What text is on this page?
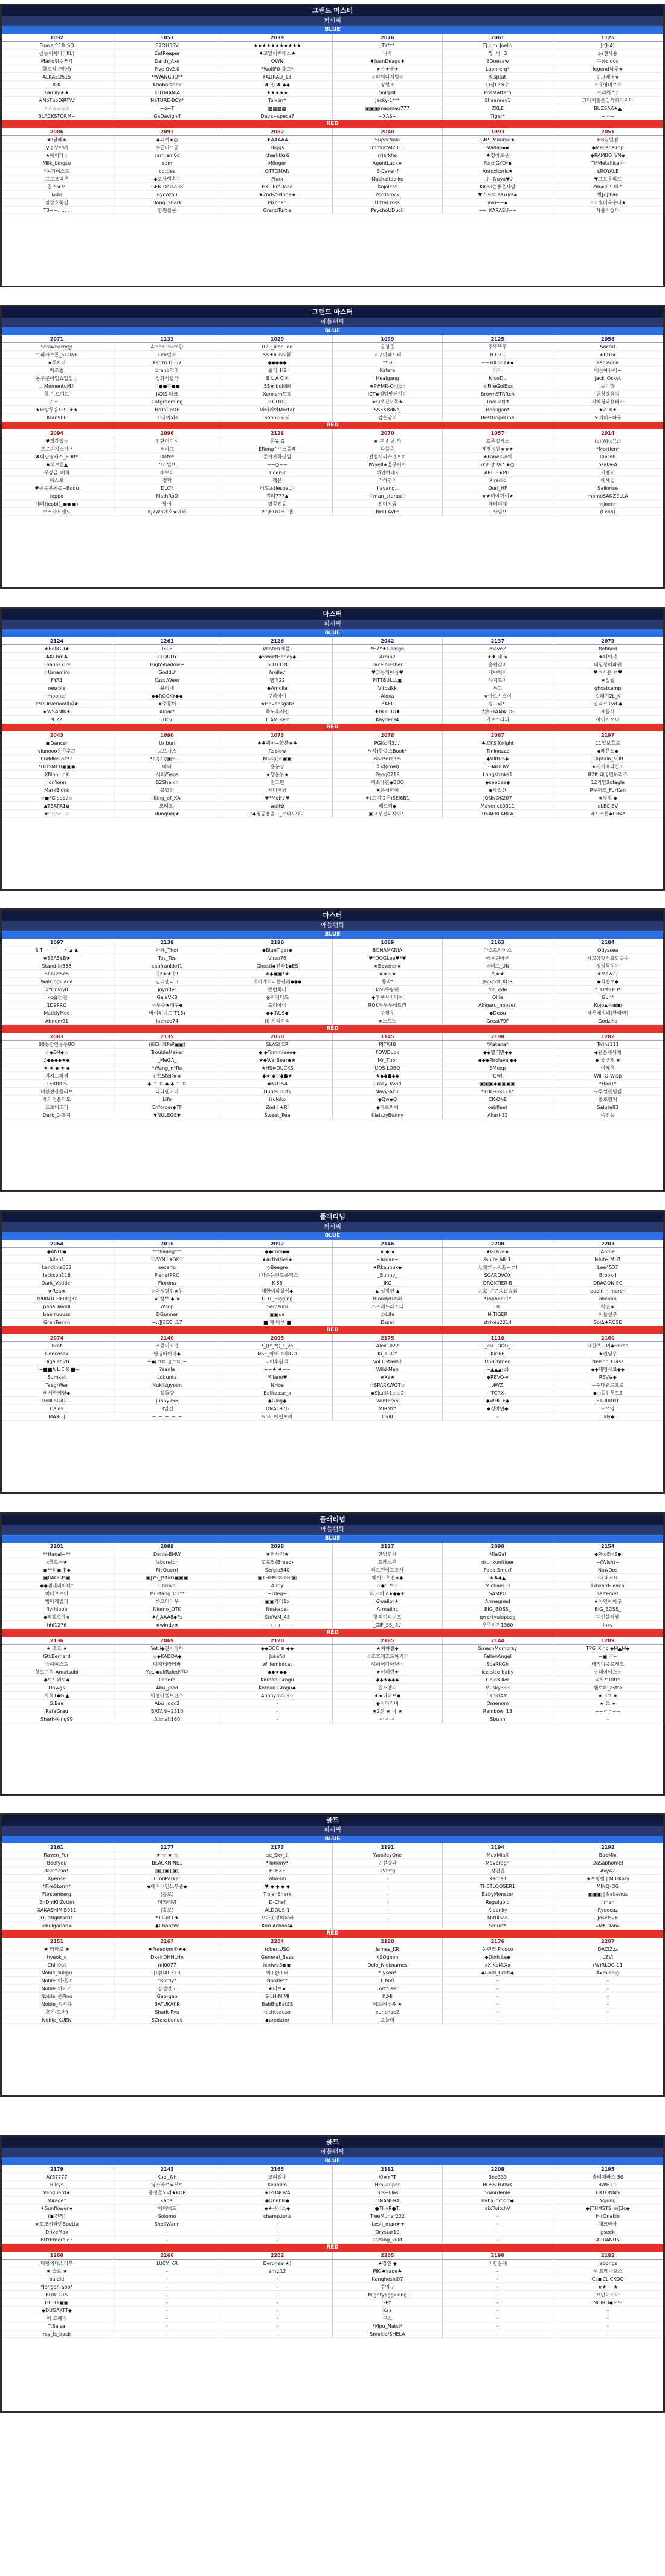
그랜드 마스터
퍼시픽
BLUE
1032	1053	2039	2076	2061	1125
Flower110_SO	37OH5SV	★★★★★★★★★★★	JTY***	Cj.cjm_Joel☆	Jr(H4)
곰돌이목바(_KL)	CatReaper	♠고양이백베스♠	니가	짱_시 _3	ps캔사용
Mario형수#기	Darth_Axe	OWN	♦JuanDeago♦	8Dnesaw	구름cloud
화포리 (영어)	Five-0v2.0	*WolfF0-울프*	★쓴★쓸★	Luohrerg*	legend하루★
ALKAED515	**WANG.IO**	FAQRAD_13	☆파워디지털☆	Kisptat	빈그래영★
K-K	Ariobarzane	♣ 집 ♣ ◆◆	장현조	Q집Lazi수	☆유명미르☆
Family★★	KHTMANIA	★★★★★	Snitplit	PrisMattern	프리워스♪
★NoTboDiRTY♪	NaTURE-BOY*	Telxsrr*	Jacky-1***	Shaaraey1	그대처럼은밍싹희미지다
☆☆☆☆☆☆	~o~T	▩▩▩▩	▣▣▣maomao777	ZXLE	BUZSAK★▲
BLACKSTORM~	GaDavignff	Deva~speca?	~XAS~	Tiger*	~·-·~
RED
2086	2091	2082	2040	1093	2051
★¹달래★	◆피셔★○	♦AAAAA	SuperNola	GB!!Pakuryu★	HB님엔정
♀정상야매	수군이모군	Higgs	Immortal2011	Madao▪▪	◆MegadeThp
★헤이다☆	cam.am0d	charlikkr6	rrjarkhe	♠경이로운	◆RAMBO_VN◆
Milk_bingsu	som	Mönger	AgentLuck★	Ford:GYO*▪	Ti*Metallica가
*여기이스트	cottles	OTTOMAN	E-Caker-f	Antoxitoric★	$ROYALE
프로모더부	◆오사행속♡	Flurx	Mashaltabiko	~♪~Noya♥♪	♥프로우리프
문스★오	GEN.Dalaa-i8	HK~Era-Taco	Kojolcat	KiOvi는좋은사람	Zin#미드미스
kobi	Ryoozou	★2nd-Z-None★	Pordarock	♥스포ㄷ sakura▪	빈[c]'bao
경찰흐룩긴	Dong_Shark	Pixchan	UltraCross	yvu~~▪	☆☆빛메욕수나★
T3~~._..._.	항린볼론	GrandTurtle	PsychoUDuck	~~_KARASU~~	사용이었다
그랜드 마스터
애틀랜틱
BLUE
2071	1133	1029	1099	2125	2056
Strawberry@	AlphaChem한	R2P_icon.lee	문청준	뚜뚜뚜뚜	Socrat
브리카스톤_STONE	Leo런저	SS★lilibbl圖	고구마해드비	H.O.G.	★RUI★
★루차나	Kenzo.DE57	◆◆◆◆◆	**.0	~~TriFonz★▪	eagleone
백조범	brand역마	출리_HS	Katsra	카카	애른아퓨아~
용우문아밀쇼밀밀ৃ	정화시팔라	B L A C K	Healgang	NicoD..	Jack_Ocket
…MomentuM♪	♡●●♡●●	SS★lbokl圖	★P#MR-Onjjon	ikiFireGolExx	동이항
폭.야르기르	JXXS 다크	Xenxem드밑	ICT◆뱀탐맛어기이	BrownSTRftch	원청당유지
♪ ☆ ~	Catgrooming	☆GOD:)	★Q우진오목★	TheDatJrt	지혜청와유테가
★바람무음나!~★★	HoTaCoDE	마네키아Mortar	SSKKBdNaj	Hooligan*	★Z10★
Korn988	소니어외s	sono☆뭐뭐	감은남비	BestHopeOne	도키비~하우
RED
2094	2096	2128	2070	1057	2014
♥정감있☆	진판미미선	은규.G	★ 구 4 남 하	프론킹커스	(c)(A)(c)(z)
프로미지스가 *	ㅎ나그	ERong^^스폴레	다불중	제쟁정원★★★	*Mortien*
♣대판영캐스_FOR*	Date*	준가가화면빔	전설끼리카넨프로	★PanelGo이	RipToR
♠미르한▲	'!☆빌!!	~~○~~	lWyell★울푸이까	♂♀ 장 ♀♂ ★○	osaka-A
무장금_배희	후르이	Tiger-Jr	하얀하네K	ARIES★PHI	키벤저
헤스토	정덕	레몬	러하영이	Xiradic	헤세일
♥곤준본돈볼~Bodu	DLOY	러드초(lespaul)	Jjavang..	Ouri_HF	Sailorise
jeppo	MathRoD	원래777▲	♡man_starqu♡	★★미이까이★	momoSANZELLA
애폐(jeobl(_▣▣▣)	달야	필꼭킨동	전마지금	테테미제	☆joel☆
오스카모펜도	KJ7W3메호★메버	P '¡HOOH ' 엔	BELLAVE!	!!사임!!	(Leoh)
마스터
퍼시픽
BLUE
2124	1261	2126	2042	2137	2073
★BellGO★	IKLE	Winter(개블)	*E7Y★George	move2	Refined
♣Ki.hm♣	·CLOUDY·	◆SweetHoney◆	Armo2	★♦ 네 ★	★헤이셔
Thanos759	HighShadow+	SOTEON	Facelplasher	홀린김비	대항항해파워
☆Umamiro	Godd♂	Arolle♪	♥그름치아름♥	재야치아	♥ㅁ시온 ㅁ♥
FYA1	Kuss.Weer	행머22	PITTBULLL▣	하지드미	★밀월
newbie	뮤리네	◆Amolla	Vitosikk	특그	ghostcamp
mooner	◆◆ROCKY◆◆	구하아야	Alexa	★아르시스이	길래기2L_K
♪*DOrvenoo미리★	★중문이	★Havensgate	BAEL	팀그리드	일리스 Lyd ◆
★WSANIK★	Ainar*	독도후지만	♦BOC Di♦	大和-YAMATO-	세틀사
9.22	JD07	L.AM_self	Kayder34	카로스디피	아이시오이
RED
2043	1090	1073	2078	2067	2197
▣Dancer	Uriburi	♠♣귀아~화분★♣	PGKc개3♪♪	♣고KS Knight	11일보호르
vlunooo용곤후그	보르시스	Roblow	*(사)한을스Book*	Tininnzzz	◆레몬노◆
Puddles.o♪*♪	*♪♫♪♫▣☆~~	Mang(☆▣▣	Bad*dream	◆VIRUS◆	Captain_KOR
*DOSMEH▣▣◆	빠나	용봉장	호리(coal)	SHADOW	★세기매라산조
XMonjur.K	서미/Saos	★행윤투★	Peng0219	Longstroke1	R2ft 태정면하리즈
IonYonn	B2Sheikh	전그원	백소테한◆BOO	◆seeoee◆	12기양2ofagle
MarkBlock	불필안	제미해남	★은서학이	◆사일샨	P무원즈_FurKan
☆●*Globe♪☆	King_of_XA	♥*Mol*♪♥	★(도미)2두)SEI6B1	JONNOK207	★빛벌 ◆
▲TSAPA1✿	모래모-	wolf✿	헤르키◆	Maverick0311	dLEC-EV
★♡♡☆~♡	dunque(★	♪◆청공용출고_으마끼에이	▣대부분의사이드	USAF8LABLA	레드스톤◆CH4*
마스터
애틀랜틱
BLUE
1097	2138	2196	1069	2163	2184
S T ㄱ ㄱ ㄱ ㅅ ▲ ▲	자유_Thor	◆BlueTiger◆	BONAMANIA	마스트라이스	Odyssea
★SEA5$B★	Tos_Tos	Virzo76	♥*DOGLee♥*♥	에우린아우	사교삼밋서프할을수
Stand-in358	caufrankkrf1	GhostI◆진라1◆ES	★Beverer★	☆레르_UN	경정특치아
Sho0dSeS	ⓨ!★★ⓨ!	★◆▣▣*★	★★☆★	흑★★	★Mew♪♪
Walkinglilade	민리맨리그	케이케이라블랜레◆◆◆	동막*	Jackpot_KOR	◆희란오◆
xYOnloy0	joyrider	큰번둑바	kon쿠링퀘	for_kyle	·*TOMSTO*·
Iko@ⓨ전	GaiaVK8	슈퍼캐터드	◆후쿠시마메아	Ollie	Gun*
1D9PRO	서투수★해구◆	도히아이	ROK투투투네트리	Akigaru_hoosen	Kojo▲음▣▣
MaddyMoo	바이위너드(T15)	◆◆IRUS◆	구팔운	◆Deou	해투배정배(한라마)
Abnom91	Jaehee74	(i) 거리까리	★노드노	Great79F	Godzilla
RED
2083	2135	2050	1145	2198	1282
00동장안투투8O	(iiiCHINPW▣▣)	SLASHER	PJTX48	*Katana*	Twins111
☆◆EM◆☆	TroubleMaker	◆ ◆Tommieee◆	FDWDuck	◆◆헬리만◆◆	◆웬은에세계
♪◆◆◆◆★◆	_MeGA_	★◆WarBear◆★	Mr_Thor	◆◆◆Pirolaval◆◆	◆ 울루게 ★
★ ★ ◆ ★ ◆	*Wang_n*Ro	★HS≠DUCKS	UDS-LOBO	SMeep	어레샘
지지드하경	간트Stell★★	◆★ ◆♡◆●★	★◆◆●◆◆	·Owl.	Will-O-Wisp
TERRIUS	◆ ㄱ ㄷ ◆ ◆ ㄱ ㄷ	#NUTS4	CrazyDavid	·▣▣▣◆▣▣▣▣·	*HooT*
네블전블플라브	다라팬키나	Hunts_nuts	Navy-Azul	*THE-GREEK*	구루쩔한팀팀
제리젼블타도	Life	Isuloko	◆Qw◆Q	CK-ONE	볼로핑쳐
프로버즈리	Enforcer◆TF	Zod☆★RI	◆페르싸이	cebfleet	Salute83
Dark_0-흑저	▼NULEGE▼	Sweet_Pea	KlaizzyBunny	Akari-13	죽침동
플래티넘
퍼시픽
BLUE
2064	2016	2092	2146	2200	2203
◆ANDI◆	***haang***	◆◆cool◆◆	★ ◆ ★	★Grave★	Anme
Allen1	♡/VOLLXOX♡	★Activities★	~Ardan~	Ishite_MH1	Ishite_MH1
kandims002	secario	◇Beegre	★Rkeupuk◆	人間プァスあーコ!	Lee4537
Jackson116	PlanetPRO	내가쓴는앤드옵틱스	_Bunny_	SCARDVOX	Brook-J
Dark_Vadder	Florena	K-55	JKC	DROKTIER-B	DRAGON.EC
★Rea★	☆더정당인★원	대한이하실에◆	▲ 설정인 ▲	人家 プアスピカ君	pupin-n-march
♪P0INTCHERDJ3♪	★ 정보 ◆ ★	UDT_Bigging	BloodyDevil	*Topher11*	alleoon
papaDavidl	Woop	Semsubi	스프레드라스디	sl	복진★
beerruuuss	DGunner	▣▣de	ckLife	N.TIGER	아돌선부
GranTerron	~::][EEE_.17	■ 제 바루 ■	Dsset	strikes2214	Sol∆♦ROSE
RED
2074	2140	2095	2175	1110	2160
Brat	조중이지엔	!_((*_*))_!_ve	Alex1022	~_৬u~୦୦୦_~	대한초끄미◆Horse
Concesox	안녕따아마◆	NSF_아메그마IGO	Ki_TROY	Kiri66	★킨님우
Higalet.20	~◆[ㄱㄷ ][ㄱㄷ]~	ㄴ이후원마.	Vol.Ostaw나	Uh-Ohmeo	Nelson_Class
「~■■A L E X ■~	?sanla	~~♠ ♠~~	Wild-Man	~▲▲▲(d)	◆◆대영사료◆◆
Sumkat	Lobunta	Milano♥	★Xe★	◆REVO-v	REV⊕◆
TaegrWar	Nukiisgyoon	NHoe	☆SPARKWOT☆	ᏗWZ	~수다원로프로
비세한역양◆	밑둘양	Balltease_x	◆Skull41♨♨2	~TCRX~	◆○동인투드3
RolllinGiO~-	junnyk56	◆Giog◆	Winter65	◆WHITE◆	STURRNT
Dalev	3일건	DNA1976	MIRNY*	◆경아만◆	도오양
MAX-T|	~_~_~_~_~	NSF_아린토이	Ovi8	-	Lilly◆
플래티넘
애틀랜틱
BLUE
2201	2088	2098	2127	2090	2154
**Hanal~**	Denis-BMW	★헌사기★	한밝힘자	MiaGal	◆PhoEnIS◆
«헬로어★	Jabcreton	꼬로맛(Bread)	드레스펙	drunkonltiger	~(Wish)~
▣**하▣ ]!◆	McQuerrl	Sergio540	하르민이도조사	Papa.Smurf	NowDos
▣RAOGIs▣	▣JYS_(Star)▣▣▣	▣THeMissinBr▣	헤시드우전★◆	★♣◆▲	:대대거요
◆◆엔테리아너*	Chrovn	Aimy	♡◆노트♡	Michael_H	Edward-Teach
미데브트미	Mustang_OT**	~Oleg~	레드히고★◆◆★	SAMPO	saltemet
빔메레빌리	루코더카무	▣▣가미1x	Gwalior★	Armagnad	★아인아이부
fly-hippo	Niomo_OTK	Neskape!	Armajinc	BIG_BOSS_	BIG_BOSS_
◆레펠로에★	♠/_AAA8◆Fs	StoWM_45	헬리미피너프	qwertyuiopasg	미인블레퀄
hhl1276	★windy★	~~+++~~~	_GIF_SS_♫♪	우주미진1360	Inkv
RED
2136	2069	2120	2185	2144	1289
★ 조흐 ★	Yet.i◆진어레하	◆◆DOC ⊕ ◆◆	★치야갈◆	SmashMomoray	TPG_King ◆M▲M◆
GtLBemard	☆◆KADDA◆	Josefid	☆호호레호드하기♡	FallenAngel	~▣ ♡~
☆헤이스트	대지테라러바	Willeminicat	헤이어디아닌네	ScaRKGh	태리디중로켓코
헬로구혁-Amatsubi	Yet.i◆ukRaled엔다	◆◆★◆◆	★이혜린★	ice-sice-baby	☆헤이네스☆
◆로드위보◆	Lebero	Korean-Grogu	◆◆★◆◆◆	GoldKiller	리부트Ultra
Dawgs	Abu_jood	Korean-Grogu◆	원스엔지	Musky333	헨로하_astro
사혁1◆Gi▲	아젠아셀로젠스	Anonymous☆	★★나나르◆	TUSBAM	★ 3ㄱ ★
S.Bae	Abu_jood2	-	◆이미러비	Omenom	★ 오 ★
RafaGrau	BATAN+2310	-	★2위 ★ 나 ★	Rainbow_13	~~ㄹㄹ~~
Shark-King99	Alimah160	-	ㅈ·ㅈ·ㅈ·	Sbunn	-
골드
퍼시픽
BLUE
2161	2177	2173	2191	2194	2192
Raven_Fun	★ ☆ ★ ☆	se_Sky_♪	WoolleyOne	MaxMiaX	BaeMix
Boofyou	BLACKNINE1	~*Tommy*~	민선방파	Maveragh	DaSaphomet
~Nur^eYo!~	[▣][▣][▣]	ETHZE	2Vihtg	정연원	Avy42
Xpense	CronParker	who-im	-	Xarbell	★포럼원 | M3rKury
*FireStorm*	◆헤어어인노부중◆	♥ ◆ ◆ ◆ ◆	-	THETLOOSER1	MINQ-OG
Fürstenberg	(흘로)	TrojanShark	-	BabyMonster	▣▣▣ | Nabenus
EnDmKilZvUm	미키레링	D-Chef	-	Regulgold	liman
XAKASHIMIB911	(흘로)	ALDOUS-1	-	Kleenky	Ryeeeaz
OutRightarriz	*+Got+★	오마잇정의더라	-	Mittilsoo	Josefs26
<Bulgarian>	◆Chantxx	Kim.Achoof◆	-	Smurf*	«MK-Dan»
RED
2151	2167	2204	2180	2176	2207
★ 티마로 ★	♠Freedom®★◆	robertUSO	James_KR	논맨별 Picoco	DACIZzz
hyeok_c	DkairDHHLHn	General_Bass	KSOgoon	◆Dinh Le◆	LZVi
Chill0ut	mi0077	lenfwe8▣▣	Delo_Nicknames	xX.KeM.Xx	(W)RLOG-11
Noble_Yuligu	[0]DARK13	이+@+버	*Tyson*	◆Gold_Craft◆	Axmiblng
Noble_아-합♪	*Rorfly*	Nordle**	L.MVI	-	-
Noble_아기기	강전인노	★비트★	Fortfuser	-	-
Noble_콘Pino	Gao-gao	S-LN-MIMI	K.Mi	-	-
Noble_정서쥬	BATUKAKR	BabBigBatES	혜르에루봄 ★	-	-
호기(도마)	Shark-Ryu	nichteauso	eunchae2	-	-
Noble_KUEN	SCrossbone$	◆predator	오늘미	-	-
골드
애틀랜틱
BLUE
2179	2143	2165	2181	2208	2195
AYS7777	Kuei_Nh	코리일네	Ki★YRT	Bee333	슬러재라스 50
Bilrys	영자바르★부트	Keunlim	HmLanper	BOSS-HAWK	BWE++
Vanguard★	중정들노리★KOR	★IPHNOVA	Firs~lilas	Swordenie	EXTONMS
Mirage*	Kanal	◆OnehIs◆	FINANERA	BabyTomorr◆	Yojung
★Sunflower★	이머매드	◆★유네스◆	●THyR●T.	sixTwitchV	◆[THMSTS_m]3c◆
(▣전적)	Solomo	champ.ions	TreeMuner222	-	HirOnakio
★도모키라벤Bpetta	ShellWann	-	-Lesh_man★★	-	재크바아
DriveMax	-	-	Drystar10	-	gseek
BRYEmerald3	-	-	kazang_kulit	-	ARRANUS
RED
1260	2166	2202	2205	2190	2182
미항의다스리부	LUCY_KR	Derones(★)	★강인 ◆	비항문대	jebongs
★ 슬로 ★	-	amy.12	PIK-♠kade♣	-	헤 트레나포스
paldid	-	-	Kanghoshi07	-	Cc▣CLICKOO
*Jangan-Soo*	-	-	쿠임구	-	★★ ~ ★
BORTGTS	-	-	MightyEggkking	-	오만이시아
HL_TT▣▣	-	-	-PY	-	NOIRO◆도도
◆DUGAKTT◆	-	-	Kaa	-	-
에 호퀘이	-	-	구스	-	-
T.Salsa	-	-	*Mpu_Natsi*	-	-
roy_is_back	-	-	Smokie/SHELA	-	-
